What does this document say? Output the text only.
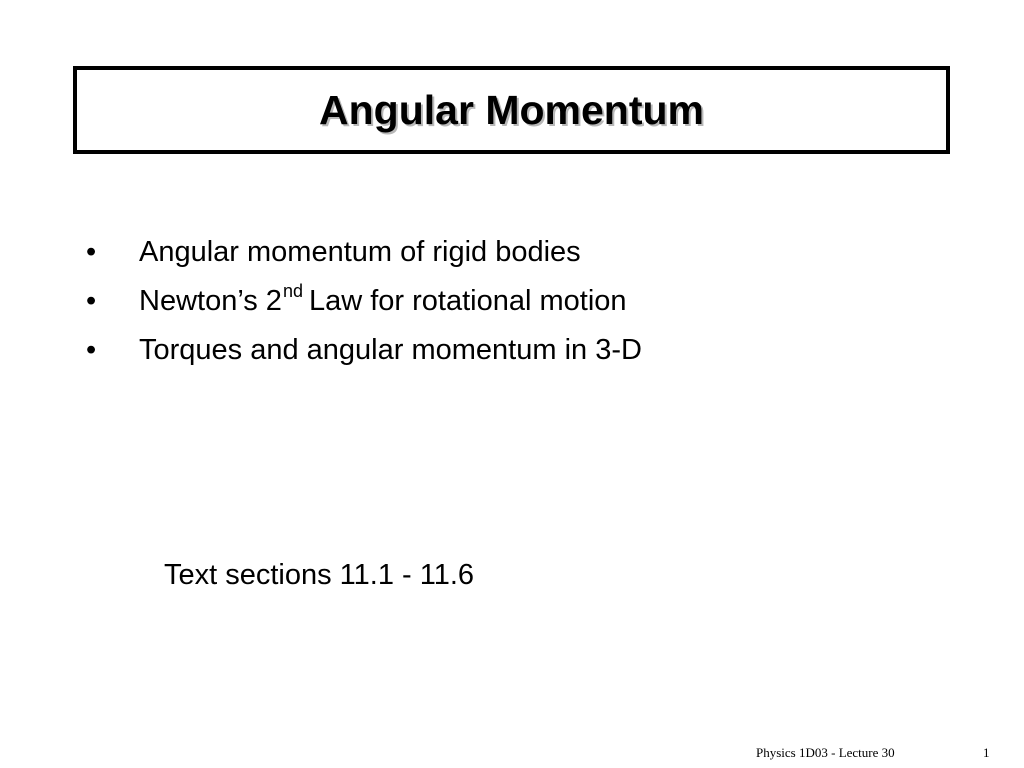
Angular Momentum
•	Angular momentum of rigid bodies
•	Newton’s 2nd Law for rotational motion
•	Torques and angular momentum in 3-D
Text sections 11.1 - 11.6
Physics 1D03 - Lecture 30	1
